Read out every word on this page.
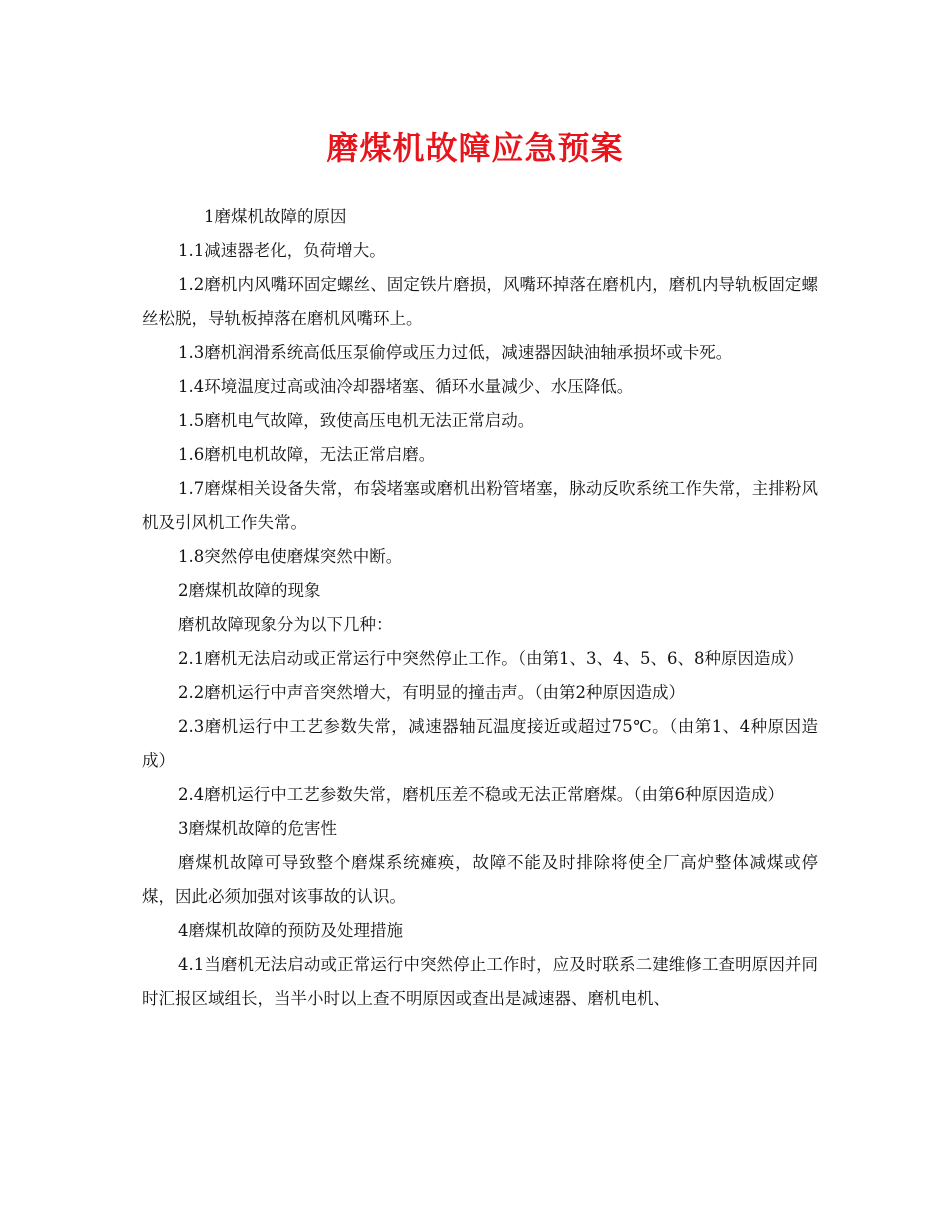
磨煤机故障应急预案

1磨煤机故障的原因

1.1减速器老化，负荷增大。

1.2磨机内风嘴环固定螺丝、固定铁片磨损，风嘴环掉落在磨机内，磨机内导轨板固定螺丝松脱，导轨板掉落在磨机风嘴环上。

1.3磨机润滑系统高低压泵偷停或压力过低，减速器因缺油轴承损坏或卡死。

1.4环境温度过高或油冷却器堵塞、循环水量减少、水压降低。

1.5磨机电气故障，致使高压电机无法正常启动。

1.6磨机电机故障，无法正常启磨。

1.7磨煤相关设备失常，布袋堵塞或磨机出粉管堵塞，脉动反吹系统工作失常，主排粉风机及引风机工作失常。

1.8突然停电使磨煤突然中断。

2磨煤机故障的现象

磨机故障现象分为以下几种：

2.1磨机无法启动或正常运行中突然停止工作。（由第1、3、4、5、6、8种原因造成）

2.2磨机运行中声音突然增大，有明显的撞击声。（由第2种原因造成）

2.3磨机运行中工艺参数失常，减速器轴瓦温度接近或超过75℃。（由第1、4种原因造成）

2.4磨机运行中工艺参数失常，磨机压差不稳或无法正常磨煤。（由第6种原因造成）

3磨煤机故障的危害性

磨煤机故障可导致整个磨煤系统瘫痪，故障不能及时排除将使全厂高炉整体减煤或停煤，因此必须加强对该事故的认识。

4磨煤机故障的预防及处理措施

4.1当磨机无法启动或正常运行中突然停止工作时，应及时联系二建维修工查明原因并同时汇报区域组长，当半小时以上查不明原因或查出是减速器、磨机电机、
